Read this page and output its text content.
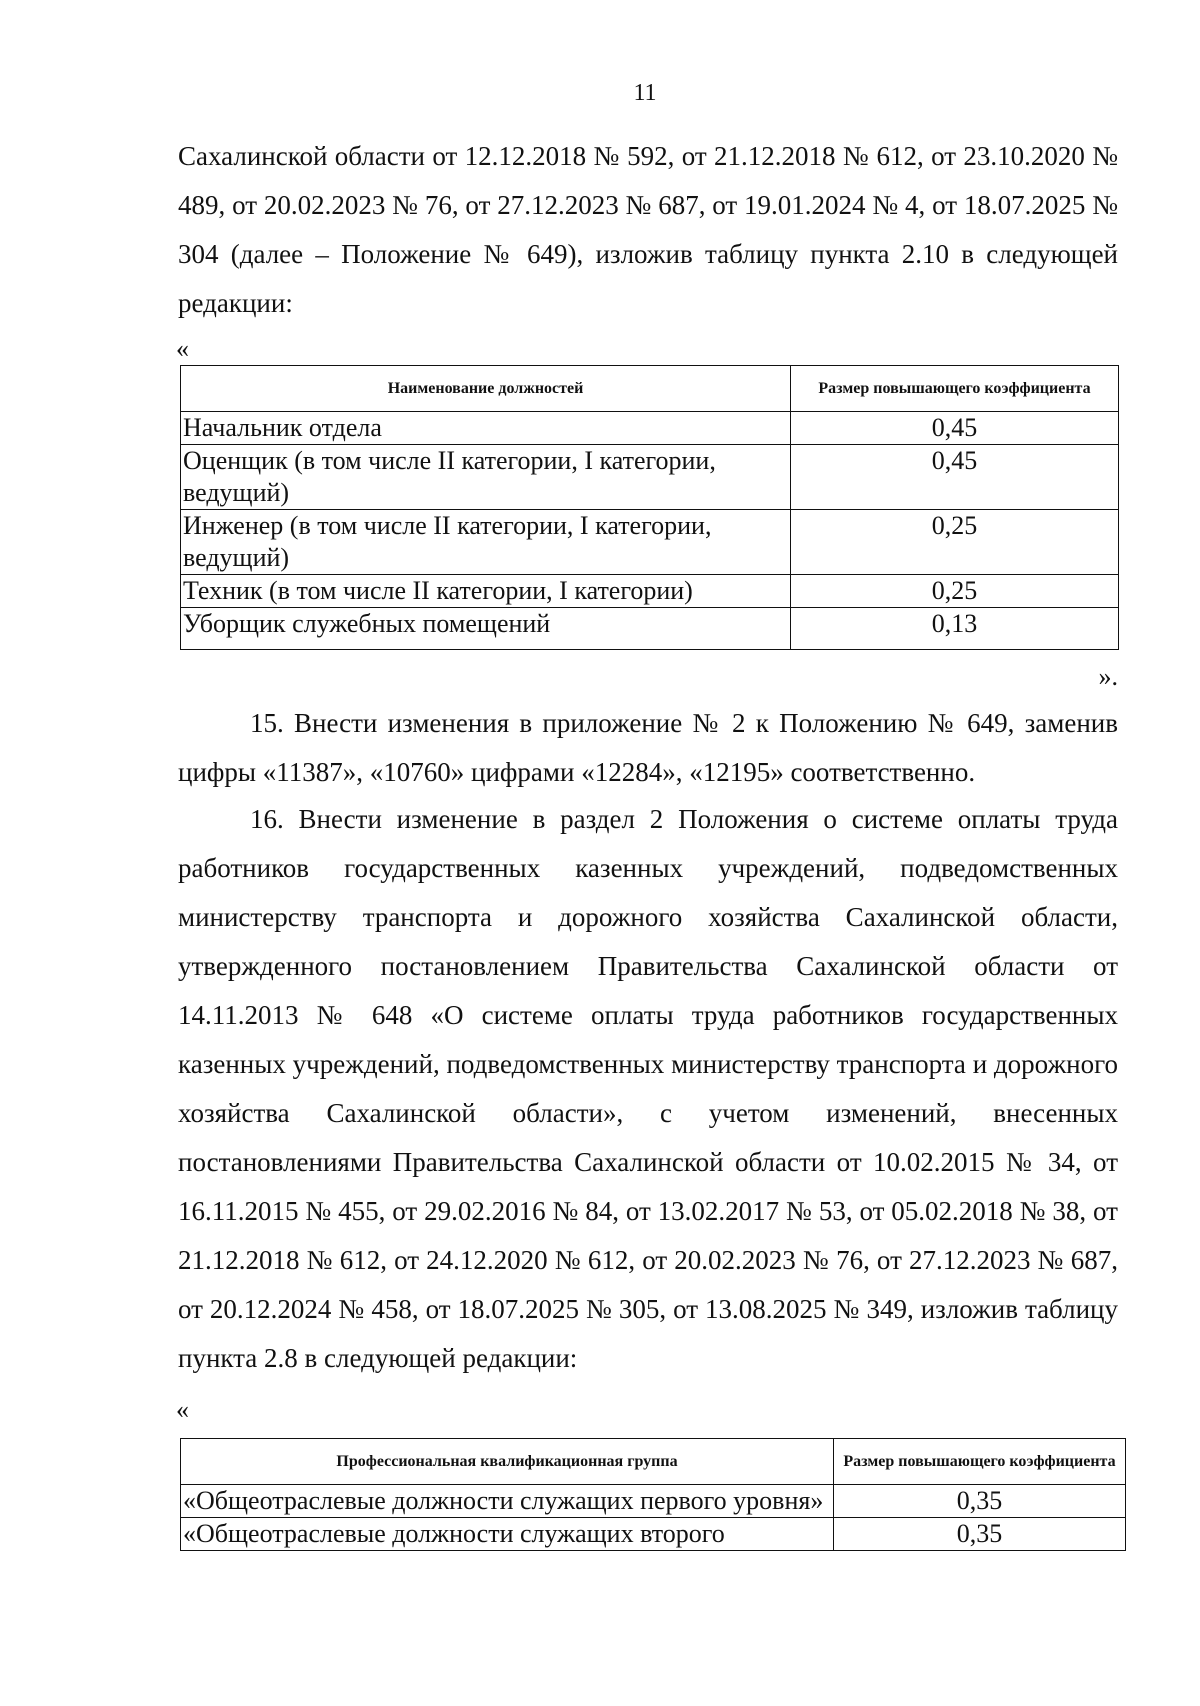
11

Сахалинской области от 12.12.2018 № 592, от 21.12.2018 № 612, от 23.10.2020 № 489, от 20.02.2023 № 76, от 27.12.2023 № 687, от 19.01.2024 № 4, от 18.07.2025 № 304 (далее – Положение № 649), изложив таблицу пункта 2.10 в следующей редакции:

«
Наименование должностей	Размер повышающего коэффициента
Начальник отдела	0,45
Оценщик (в том числе II категории, I категории, ведущий)	0,45
Инженер (в том числе II категории, I категории, ведущий)	0,25
Техник (в том числе II категории, I категории)	0,25
Уборщик служебных помещений	0,13
».

15. Внести изменения в приложение № 2 к Положению № 649, заменив цифры «11387», «10760» цифрами «12284», «12195» соответственно.

16. Внести изменение в раздел 2 Положения о системе оплаты труда работников государственных казенных учреждений, подведомственных министерству транспорта и дорожного хозяйства Сахалинской области, утвержденного постановлением Правительства Сахалинской области от 14.11.2013 № 648 «О системе оплаты труда работников государственных казенных учреждений, подведомственных министерству транспорта и дорожного хозяйства Сахалинской области», с учетом изменений, внесенных постановлениями Правительства Сахалинской области от 10.02.2015 № 34, от 16.11.2015 № 455, от 29.02.2016 № 84, от 13.02.2017 № 53, от 05.02.2018 № 38, от 21.12.2018 № 612, от 24.12.2020 № 612, от 20.02.2023 № 76, от 27.12.2023 № 687, от 20.12.2024 № 458, от 18.07.2025 № 305, от 13.08.2025 № 349, изложив таблицу пункта 2.8 в следующей редакции:

«
Профессиональная квалификационная группа	Размер повышающего коэффициента
«Общеотраслевые должности служащих первого уровня»	0,35
«Общеотраслевые должности служащих второго	0,35
